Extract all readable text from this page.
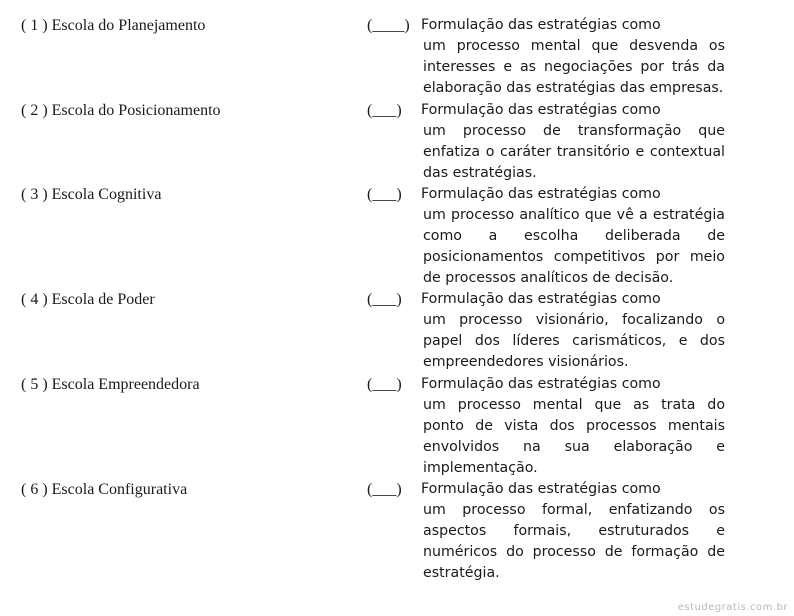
( 1 ) Escola do Planejamento
( 2 ) Escola do Posicionamento
( 3 ) Escola Cognitiva
( 4 ) Escola de Poder
( 5 ) Escola Empreendedora
( 6 ) Escola Configurativa
(____)
(___)
(___)
(___)
(___)
(___)
Formulação das estratégias como
um processo mental que desvenda os interesses e as negociações por trás da elaboração das estratégias das empresas.
Formulação das estratégias como
um processo de transformação que enfatiza o caráter transitório e contextual das estratégias.
Formulação das estratégias como
um processo analítico que vê a estratégia como a escolha deliberada de posicionamentos competitivos por meio de processos analíticos de decisão.
Formulação das estratégias como
um processo visionário, focalizando o papel dos líderes carismáticos, e dos empreendedores visionários.
Formulação das estratégias como
um processo mental que as trata do ponto de vista dos processos mentais envolvidos na sua elaboração e implementação.
Formulação das estratégias como
um processo formal, enfatizando os aspectos formais, estruturados e numéricos do processo de formação de estratégia.
estudegratis.com.br
